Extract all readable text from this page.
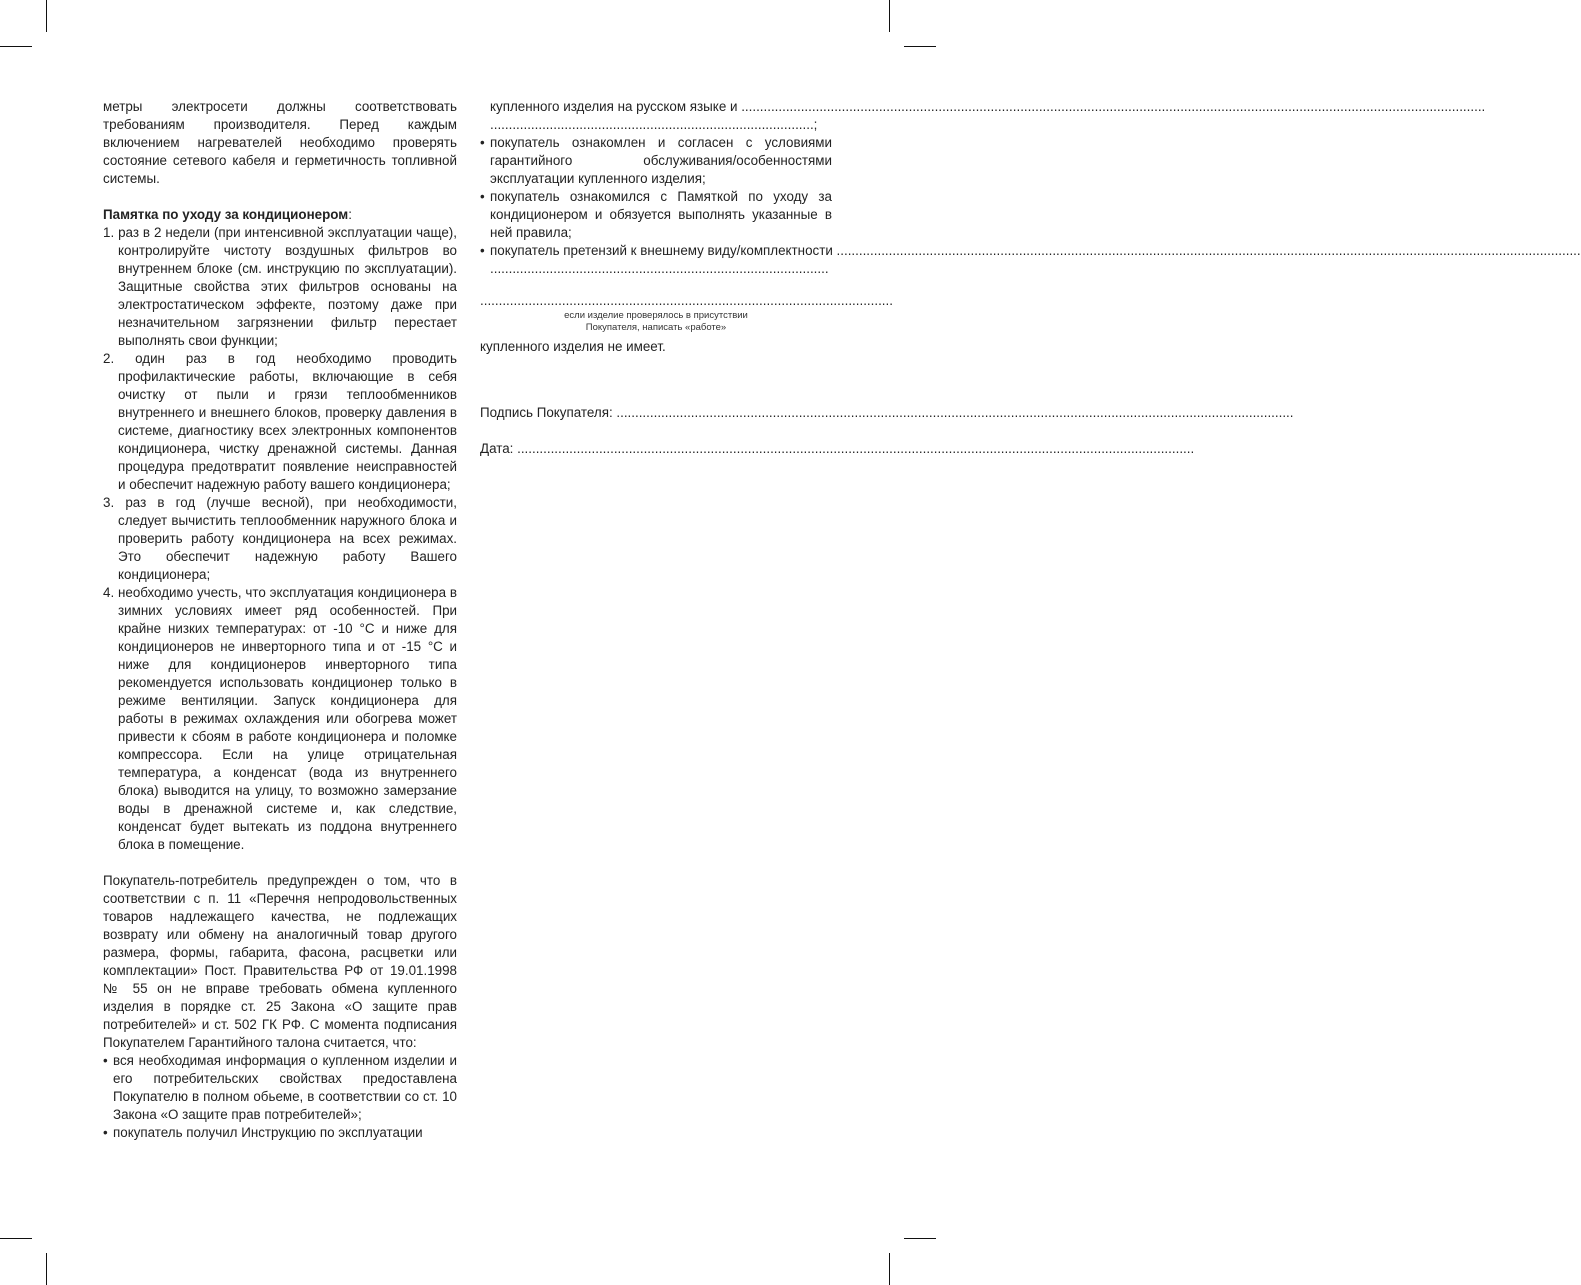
метры электросети должны соответствовать требованиям производителя. Перед каждым включением нагревателей необходимо проверять состояние сетевого кабеля и герметичность топливной системы.

Памятка по уходу за кондиционером:

1. раз в 2 недели (при интенсивной эксплуатации чаще), контролируйте чистоту воздушных фильтров во внутреннем блоке (см. инструкцию по эксплуатации). Защитные свойства этих фильтров основаны на электростатическом эффекте, поэтому даже при незначительном загрязнении фильтр перестает выполнять свои функции;
2. один раз в год необходимо проводить профилактические работы, включающие в себя очистку от пыли и грязи теплообменников внутреннего и внешнего блоков, проверку давления в системе, диагностику всех электронных компонентов кондиционера, чистку дренажной системы. Данная процедура предотвратит появление неисправностей и обеспечит надежную работу вашего кондиционера;
3. раз в год (лучше весной), при необходимости, следует вычистить теплообменник наружного блока и проверить работу кондиционера на всех режимах. Это обеспечит надежную работу Вашего кондиционера;
4. необходимо учесть, что эксплуатация кондиционера в зимних условиях имеет ряд особенностей. При крайне низких температурах: от -10 °С и ниже для кондиционеров не инверторного типа и от -15 °С и ниже для кондиционеров инверторного типа рекомендуется использовать кондиционер только в режиме вентиляции. Запуск кондиционера для работы в режимах охлаждения или обогрева может привести к сбоям в работе кондиционера и поломке компрессора. Если на улице отрицательная температура, а конденсат (вода из внутреннего блока) выводится на улицу, то возможно замерзание воды в дренажной системе и, как следствие, конденсат будет вытекать из поддона внутреннего блока в помещение.

Покупатель-потребитель предупрежден о том, что в соответствии с п. 11 «Перечня непродовольственных товаров надлежащего качества, не подлежащих возврату или обмену на аналогичный товар другого размера, формы, габарита, фасона, расцветки или комплектации» Пост. Правительства РФ от 19.01.1998 № 55 он не вправе требовать обмена купленного изделия в порядке ст. 25 Закона «О защите прав потребителей» и ст. 502 ГК РФ. С момента подписания Покупателем Гарантийного талона считается, что:

• вся необходимая информация о купленном изделии и его потребительских свойствах предоставлена Покупателю в полном обьеме, в соответствии со ст. 10 Закона «О защите прав потребителей»;
• покупатель получил Инструкцию по эксплуатации
купленного изделия на русском языке и .....
.......................................................................................;
• покупатель ознакомлен и согласен с условиями гарантийного обслуживания/особенностями эксплуатации купленного изделия;
• покупатель ознакомился с Памяткой по уходу за кондиционером и обязуется выполнять указанные в ней правила;
• покупатель претензий к внешнему виду/комплектности .....
...........................................................................................
...............................................................................................................

если изделие проверялось в присутствии

Покупателя, написать «работе»

купленного изделия не имеет.

Подпись Покупателя: .....

Дата: .....
